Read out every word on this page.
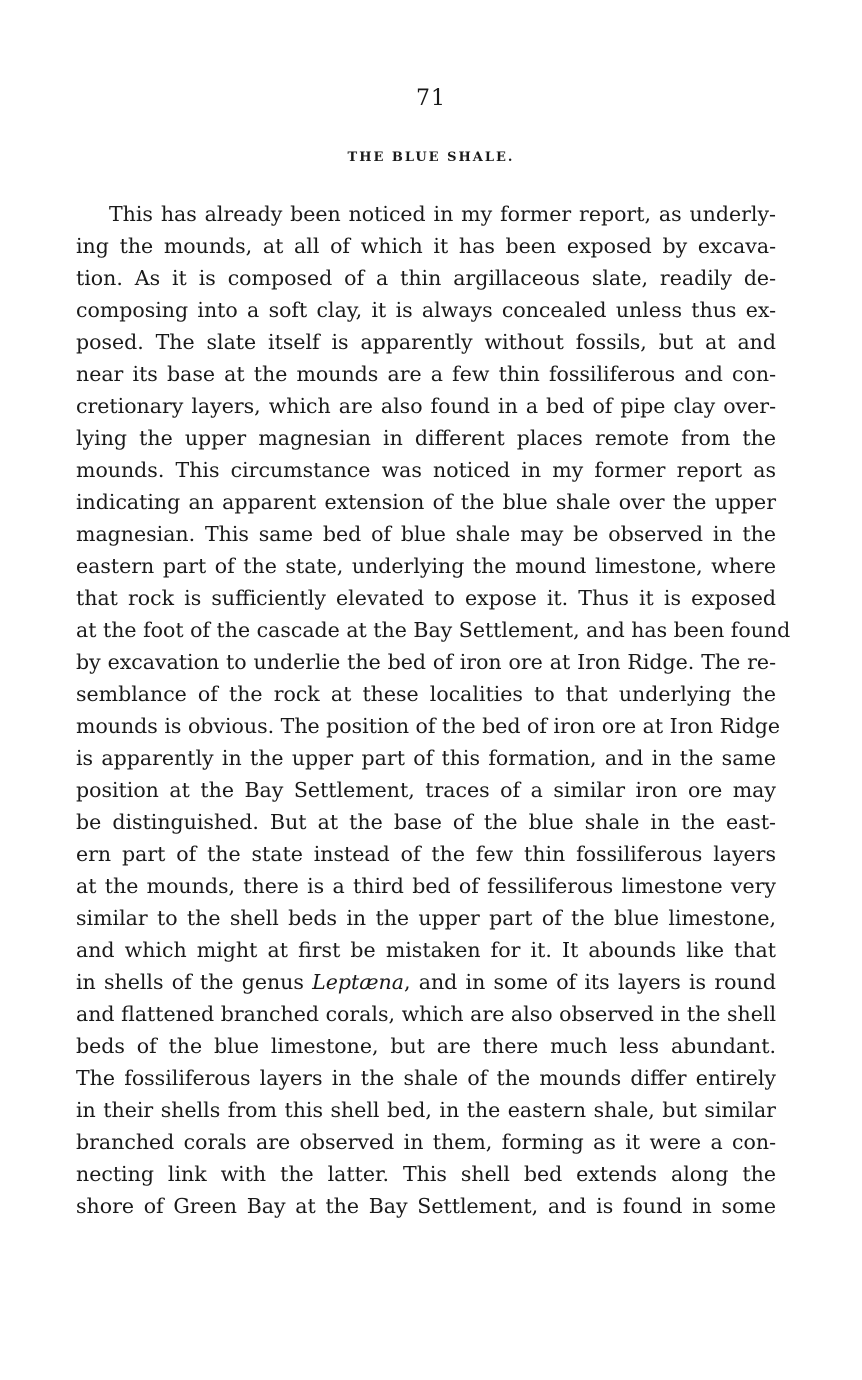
71
THE BLUE SHALE.
This has already been noticed in my former report, as underly-
ing the mounds, at all of which it has been exposed by excava-
tion. As it is composed of a thin argillaceous slate, readily de-
composing into a soft clay, it is always concealed unless thus ex-
posed. The slate itself is apparently without fossils, but at and
near its base at the mounds are a few thin fossiliferous and con-
cretionary layers, which are also found in a bed of pipe clay over-
lying the upper magnesian in different places remote from the
mounds. This circumstance was noticed in my former report as
indicating an apparent extension of the blue shale over the upper
magnesian. This same bed of blue shale may be observed in the
eastern part of the state, underlying the mound limestone, where
that rock is sufficiently elevated to expose it. Thus it is exposed
at the foot of the cascade at the Bay Settlement, and has been found
by excavation to underlie the bed of iron ore at Iron Ridge. The re-
semblance of the rock at these localities to that underlying the
mounds is obvious. The position of the bed of iron ore at Iron Ridge
is apparently in the upper part of this formation, and in the same
position at the Bay Settlement, traces of a similar iron ore may
be distinguished. But at the base of the blue shale in the east-
ern part of the state instead of the few thin fossiliferous layers
at the mounds, there is a third bed of fessiliferous limestone very
similar to the shell beds in the upper part of the blue limestone,
and which might at first be mistaken for it. It abounds like that
in shells of the genus Leptæna, and in some of its layers is round
and flattened branched corals, which are also observed in the shell
beds of the blue limestone, but are there much less abundant.
The fossiliferous layers in the shale of the mounds differ entirely
in their shells from this shell bed, in the eastern shale, but similar
branched corals are observed in them, forming as it were a con-
necting link with the latter. This shell bed extends along the
shore of Green Bay at the Bay Settlement, and is found in some
